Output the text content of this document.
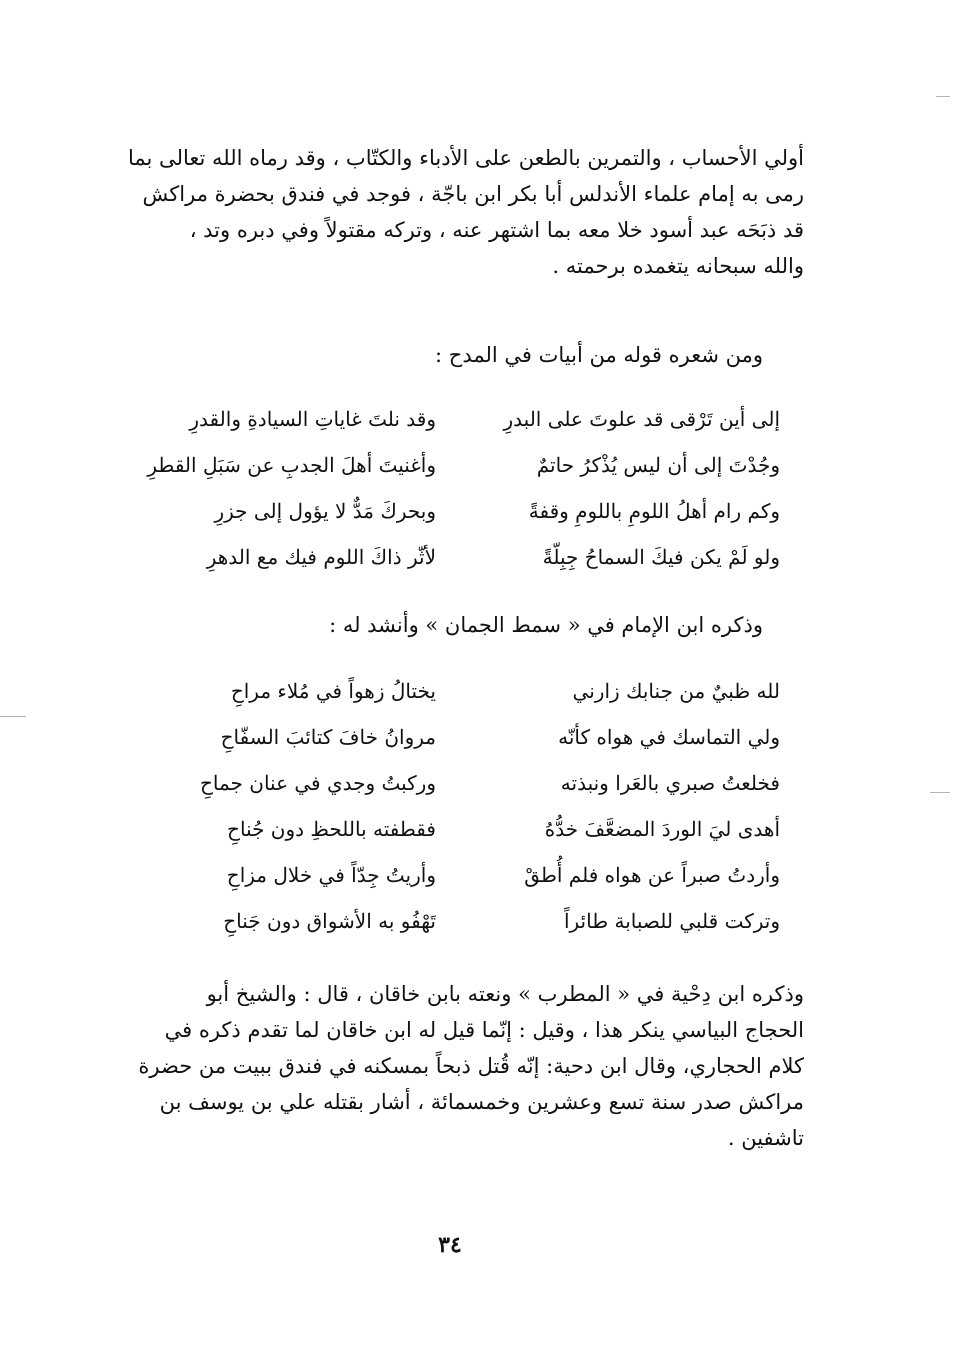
أولي الأحساب ، والتمرين بالطعن على الأدباء والكتّاب ، وقد رماه الله تعالى بما
رمى به إمام علماء الأندلس أبا بكر ابن باجّة ، فوجد في فندق بحضرة مراكش
قد ذبَحَه عبد أسود خلا معه بما اشتهر عنه ، وتركه مقتولاً وفي دبره وتد ،
والله سبحانه يتغمده برحمته .

ومن شعره قوله من أبيات في المدح :

إلى أين تَرْقى قد علوتَ على البدرِ
وقد نلتَ غاياتِ السيادةِ والقدرِ
وجُدْتَ إلى أن ليس يُذْكرُ حاتمٌ
وأغنيتَ أهلَ الجدبِ عن سَبَلِ القطرِ
وكم رام أهلُ اللومِ باللومِ وقفةً
وبحركَ مَدٌّ لا يؤول إلى جزرِ
ولو لَمْ يكن فيكَ السماحُ جِبِلّةً
لأثّر ذاكَ اللوم فيك مع الدهرِ

وذكره ابن الإمام في « سمط الجمان » وأنشد له :

لله ظبيٌ من جنابك زارني
يختالُ زهواً في مُلاء مراحِ
ولي التماسك في هواه كأنّه
مروانُ خافَ كتائبَ السفّاحِ
فخلعتُ صبري بالعَرا ونبذته
وركبتُ وجدي في عنان جماحِ
أهدى ليَ الوردَ المضعَّفَ خدُّهُ
فقطفته باللحظِ دون جُناحِ
وأردتُ صبراً عن هواه فلم أُطقْ
وأريتُ جِدّاً في خلال مزاحِ
وتركت قلبي للصبابة طائراً
تَهْفُو به الأشواق دون جَناحِ
وذكره ابن دِحْية في « المطرب » ونعته بابن خاقان ، قال : والشيخ أبو
الحجاج البياسي ينكر هذا ، وقيل : إنّما قيل له ابن خاقان لما تقدم ذكره في
كلام الحجاري، وقال ابن دحية: إنّه قُتل ذبحاً بمسكنه في فندق ببيت من حضرة
مراكش صدر سنة تسع وعشرين وخمسمائة ، أشار بقتله علي بن يوسف بن
تاشفين .
٣٤
